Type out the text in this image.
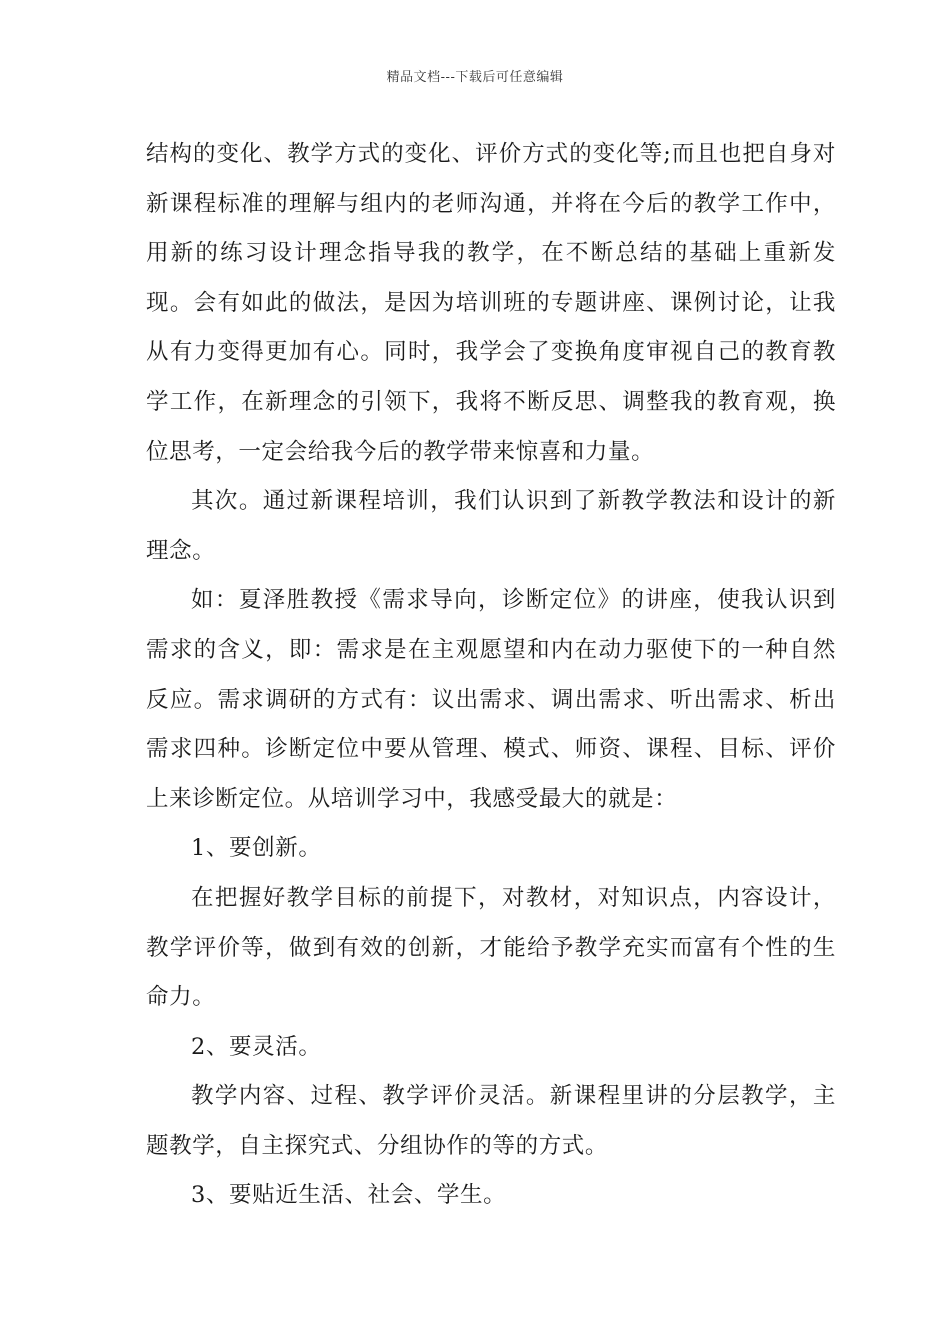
精品文档---下载后可任意编辑

结构的变化、教学方式的变化、评价方式的变化等;而且也把自身对新课程标准的理解与组内的老师沟通，并将在今后的教学工作中，用新的练习设计理念指导我的教学，在不断总结的基础上重新发现。会有如此的做法，是因为培训班的专题讲座、课例讨论，让我从有力变得更加有心。同时，我学会了变换角度审视自己的教育教学工作，在新理念的引领下，我将不断反思、调整我的教育观，换位思考，一定会给我今后的教学带来惊喜和力量。

其次。通过新课程培训，我们认识到了新教学教法和设计的新理念。

如：夏泽胜教授《需求导向，诊断定位》的讲座，使我认识到需求的含义，即：需求是在主观愿望和内在动力驱使下的一种自然反应。需求调研的方式有：议出需求、调出需求、听出需求、析出需求四种。诊断定位中要从管理、模式、师资、课程、目标、评价上来诊断定位。从培训学习中，我感受最大的就是：

1、要创新。

在把握好教学目标的前提下，对教材，对知识点，内容设计，教学评价等，做到有效的创新，才能给予教学充实而富有个性的生命力。

2、要灵活。

教学内容、过程、教学评价灵活。新课程里讲的分层教学，主题教学，自主探究式、分组协作的等的方式。

3、要贴近生活、社会、学生。
